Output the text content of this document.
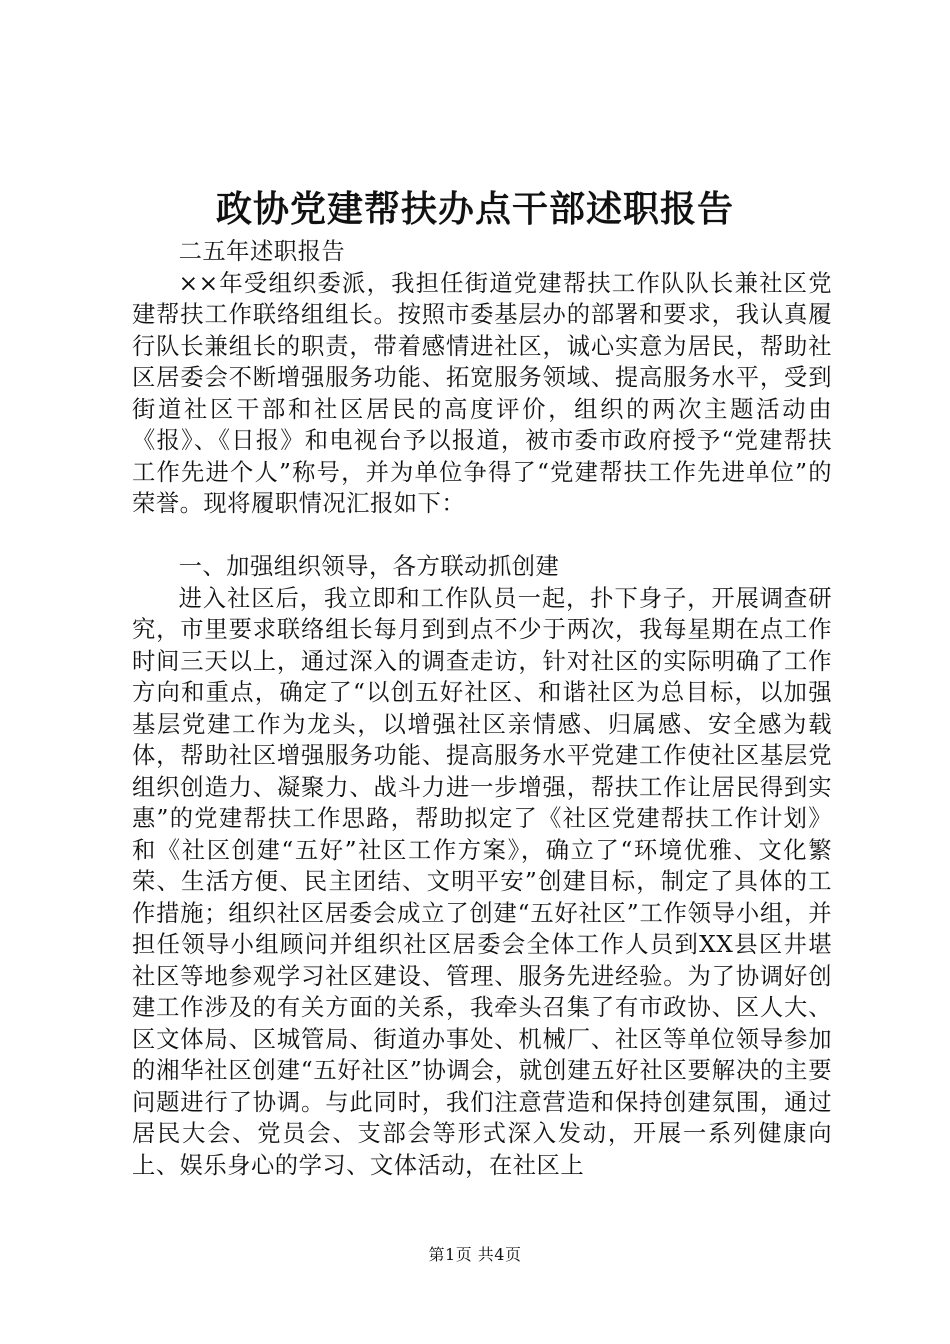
政协党建帮扶办点干部述职报告

二五年述职报告

××年受组织委派，我担任街道党建帮扶工作队队长兼社区党建帮扶工作联络组组长。按照市委基层办的部署和要求，我认真履行队长兼组长的职责，带着感情进社区，诚心实意为居民，帮助社区居委会不断增强服务功能、拓宽服务领域、提高服务水平，受到街道社区干部和社区居民的高度评价，组织的两次主题活动由《报》、《日报》和电视台予以报道，被市委市政府授予“党建帮扶工作先进个人”称号，并为单位争得了“党建帮扶工作先进单位”的荣誉。现将履职情况汇报如下：

一、加强组织领导，各方联动抓创建

进入社区后，我立即和工作队员一起，扑下身子，开展调查研究，市里要求联络组长每月到到点不少于两次，我每星期在点工作时间三天以上，通过深入的调查走访，针对社区的实际明确了工作方向和重点，确定了“以创五好社区、和谐社区为总目标，以加强基层党建工作为龙头，以增强社区亲情感、归属感、安全感为载体，帮助社区增强服务功能、提高服务水平党建工作使社区基层党组织创造力、凝聚力、战斗力进一步增强，帮扶工作让居民得到实惠”的党建帮扶工作思路，帮助拟定了《社区党建帮扶工作计划》和《社区创建“五好”社区工作方案》，确立了“环境优雅、文化繁荣、生活方便、民主团结、文明平安”创建目标，制定了具体的工作措施；组织社区居委会成立了创建“五好社区”工作领导小组，并担任领导小组顾问并组织社区居委会全体工作人员到XX县区井堪社区等地参观学习社区建设、管理、服务先进经验。为了协调好创建工作涉及的有关方面的关系，我牵头召集了有市政协、区人大、区文体局、区城管局、街道办事处、机械厂、社区等单位领导参加的湘华社区创建“五好社区”协调会，就创建五好社区要解决的主要问题进行了协调。与此同时，我们注意营造和保持创建氛围，通过居民大会、党员会、支部会等形式深入发动，开展一系列健康向上、娱乐身心的学习、文体活动，在社区上

第1页 共4页
